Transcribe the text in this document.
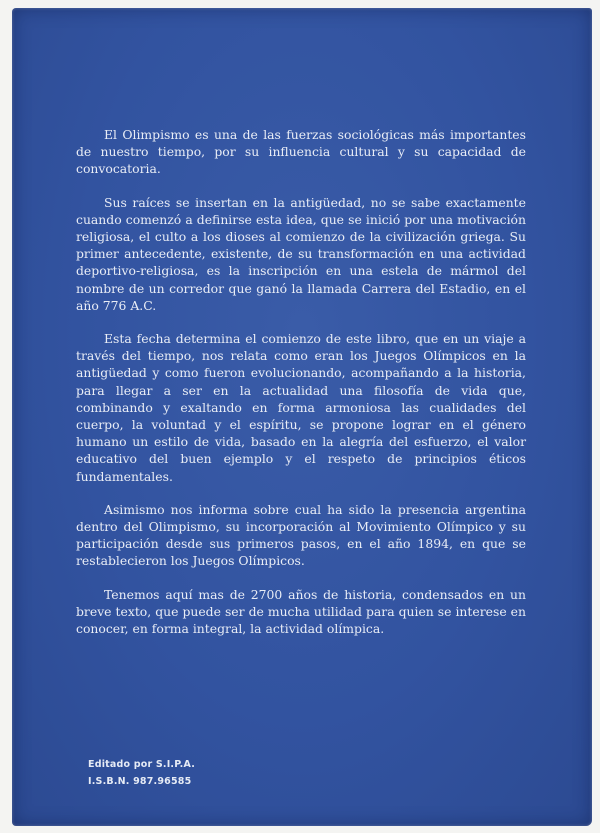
El Olimpismo es una de las fuerzas sociológicas más importantes de nuestro tiempo, por su influencia cultural y su capacidad de convocatoria.

Sus raíces se insertan en la antigüedad, no se sabe exactamente cuando comenzó a definirse esta idea, que se inició por una motivación religiosa, el culto a los dioses al comienzo de la civilización griega. Su primer antecedente, existente, de su transformación en una actividad deportivo-religiosa, es la inscripción en una estela de mármol del nombre de un corredor que ganó la llamada Carrera del Estadio, en el año 776 A.C.

Esta fecha determina el comienzo de este libro, que en un viaje a través del tiempo, nos relata como eran los Juegos Olímpicos en la antigüedad y como fueron evolucionando, acompañando a la historia, para llegar a ser en la actualidad una filosofía de vida que, combinando y exaltando en forma armoniosa las cualidades del cuerpo, la voluntad y el espíritu, se propone lograr en el género humano un estilo de vida, basado en la alegría del esfuerzo, el valor educativo del buen ejemplo y el respeto de principios éticos fundamentales.

Asimismo nos informa sobre cual ha sido la presencia argentina dentro del Olimpismo, su incorporación al Movimiento Olímpico y su participación desde sus primeros pasos, en el año 1894, en que se restablecieron los Juegos Olímpicos.

Tenemos aquí mas de 2700 años de historia, condensados en un breve texto, que puede ser de mucha utilidad para quien se interese en conocer, en forma integral, la actividad olímpica.

Editado por S.I.P.A.
I.S.B.N. 987.96585
